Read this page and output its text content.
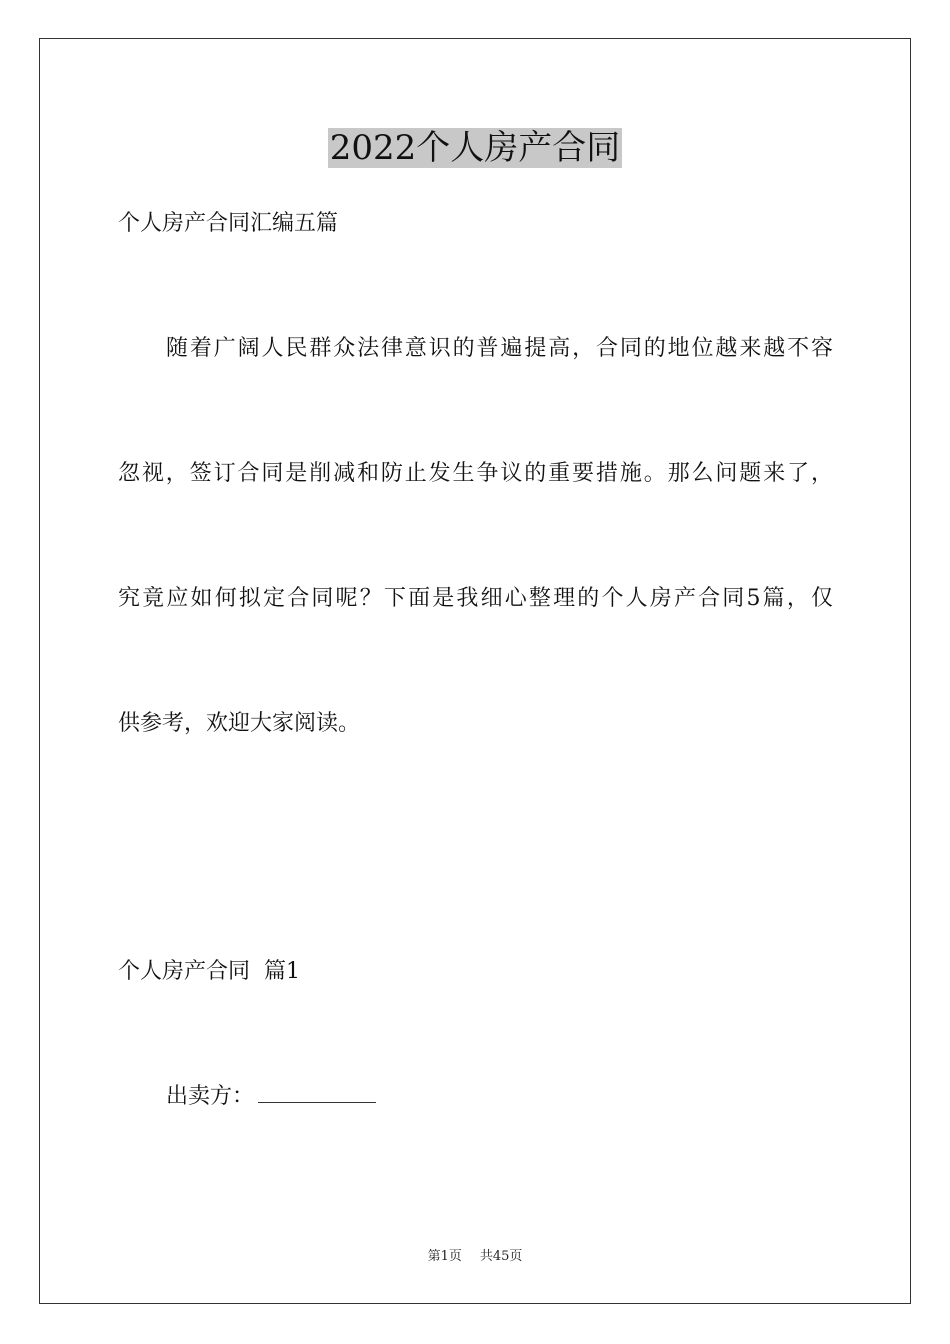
2022个人房产合同
个人房产合同汇编五篇
随着广阔人民群众法律意识的普遍提高，合同的地位越来越不容
忽视，签订合同是削减和防止发生争议的重要措施。那么问题来了，
究竟应如何拟定合同呢？下面是我细心整理的个人房产合同5篇，仅
供参考，欢迎大家阅读。
个人房产合同  篇1
出卖方：
第1页 共45页
